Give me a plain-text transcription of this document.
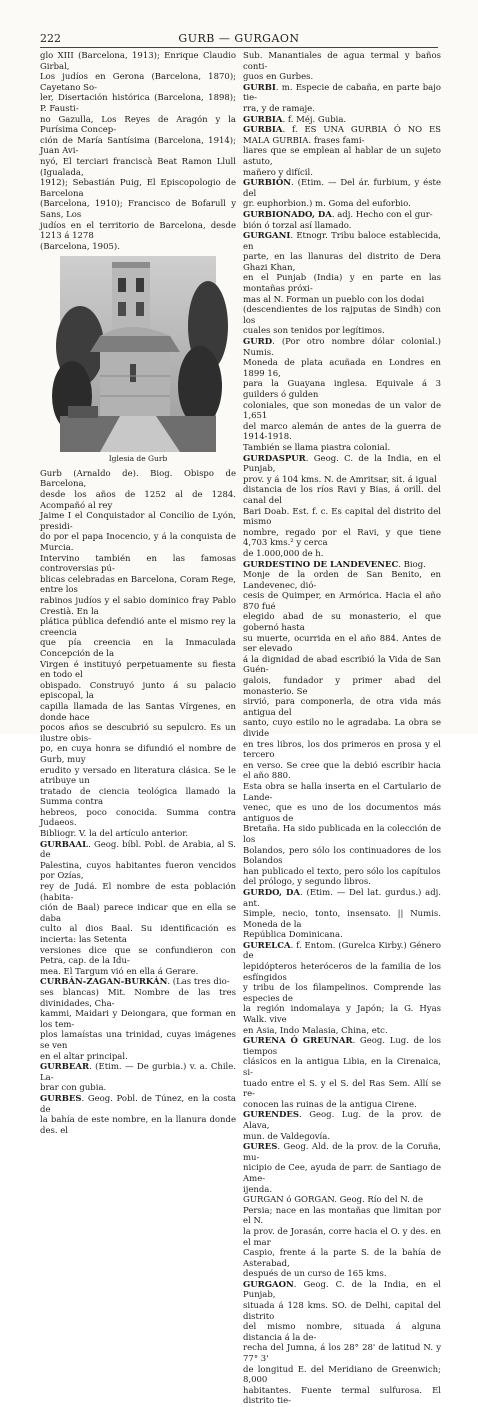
222	GURB — GURGAON
glo XIII (Barcelona, 1913); Enrique Claudio Girbal,
Los judíos en Gerona (Barcelona, 1870); Cayetano So-
ler, Disertación histórica (Barcelona, 1898); P. Fausti-
no Gazulla, Los Reyes de Aragón y la Purísima Concep-
ción de María Santísima (Barcelona, 1914); Juan Avi-
nyó, El terciari franciscà Beat Ramon Llull (Igualada,
1912); Sebastián Puig, El Episcopologio de Barcelona
(Barcelona, 1910); Francisco de Bofarull y Sans, Los
judíos en el territorio de Barcelona, desde 1213 á 1278
(Barcelona, 1905).
Iglesia de Gurb
Gurb (Arnaldo de). Biog. Obispo de Barcelona,
desde los años de 1252 al de 1284. Acompañó al rey
Jaime I el Conquistador al Concilio de Lyón, presidi-
do por el papa Inocencio, y á la conquista de Murcia.
Intervino también en las famosas controversias pú-
blicas celebradas en Barcelona, Coram Rege, entre los
rabinos judíos y el sabio dominico fray Pablo Crestià. En la
plática pública defendió ante el mismo rey la creencia
que pía creencia en la Inmaculada Concepción de la
Virgen é instituyó perpetuamente su fiesta en todo el
obispado. Construyó junto á su palacio episcopal, la
capilla llamada de las Santas Vírgenes, en donde hace
pocos años se descubrió su sepulcro. Es un ilustre obis-
po, en cuya honra se difundió el nombre de Gurb, muy
erudito y versado en literatura clásica. Se le atribuye un
tratado de ciencia teológica llamado la Summa contra
hebreos, poco conocida. Summa contra Judaeos.
Bibliogr. V. la del artículo anterior.
GURBAAL. Geog. bíbl. Pobl. de Arabia, al S. de
Palestina, cuyos habitantes fueron vencidos por Ozías,
rey de Judá. El nombre de esta población (habita-
ción de Baal) parece indicar que en ella se daba
culto al dios Baal. Su identificación es incierta: las Setenta
versiones dice que se confundieron con Petra, cap. de la Idu-
mea. El Targum vió en ella á Gerare.
CURBÁN-ZAGAN-BURKÁN. (Las tres dio-
ses blancas) Mit. Nombre de las tres divinidades, Cha-
kammi, Maidari y Deiongara, que forman en los tem-
plos lamaístas una trinidad, cuyas imágenes se ven
en el altar principal.
GURBEAR. (Etim. — De gurbia.) v. a. Chile. La-
brar con gubia.
GURBES. Geog. Pobl. de Túnez, en la costa de
la bahía de este nombre, en la llanura donde des. el
Sub. Manantiales de agua termal y baños conti-
guos en Gurbes.
GURBI. m. Especie de cabaña, en parte bajo tie-
rra, y de ramaje.
GURBIA. f. Méj. Gubia.
GURBIA. f. ES UNA GURBIA Ó NO ES MALA GURBIA. frases fami-
liares que se emplean al hablar de un sujeto astuto,
mañero y difícil.
GURBIÓN. (Etim. — Del ár. furbium, y éste del
gr. euphorbion.) m. Goma del euforbio.
GURBIONADO, DA. adj. Hecho con el gur-
bión ó torzal así llamado.
GURGANI. Etnogr. Tribu baloce establecida, en
parte, en las llanuras del distrito de Dera Ghazi Khan,
en el Punjab (India) y en parte en las montañas próxi-
mas al N. Forman un pueblo con los dodai
(descendientes de los rajputas de Sindh) con los
cuales son tenidos por legítimos.
GURD. (Por otro nombre dólar colonial.) Numis.
Moneda de plata acuñada en Londres en 1899 16,
para la Guayana inglesa. Equivale á 3 guilders ó gulden
coloniales, que son monedas de un valor de 1,651
del marco alemán de antes de la guerra de 1914-1918.
También se llama piastra colonial.
GURDASPUR. Geog. C. de la India, en el Punjab,
prov. y á 104 kms. N. de Amritsar, sit. á igual
distancia de los ríos Ravi y Bias, á orill. del canal del
Bari Doab. Est. f. c. Es capital del distrito del mismo
nombre, regado por el Ravi, y que tiene 4,703 kms.² y cerca
de 1.000,000 de h.
GURDESTINO DE LANDEVENEC. Biog.
Monje de la orden de San Benito, en Landevenec, dió-
cesis de Quimper, en Armórica. Hacia el año 870 fué
elegido abad de su monasterio, el que gobernó hasta
su muerte, ocurrida en el año 884. Antes de ser elevado
á la dignidad de abad escribió la Vida de San Guén-
galois, fundador y primer abad del monasterio. Se
sirvió, para componerla, de otra vida más antigua del
santo, cuyo estilo no le agradaba. La obra se divide
en tres libros, los dos primeros en prosa y el tercero
en verso. Se cree que la debió escribir hacia el año 880.
Esta obra se halla inserta en el Cartulario de Lande-
venec, que es uno de los documentos más antiguos de
Bretaña. Ha sido publicada en la colección de los
Bolandos, pero sólo los continuadores de los Bolandos
han publicado el texto, pero sólo los capítulos
del prólogo, y segundo libros.
GURDO, DA. (Etim. — Del lat. gurdus.) adj. ant.
Simple, necio, tonto, insensato. || Numis. Moneda de la
República Dominicana.
GURELCA. f. Entom. (Gurelca Kirby.) Género de
lepidópteros heteróceros de la familia de los esfíngidos
y tribu de los filampelinos. Comprende las especies de
la región indomalaya y Japón; la G. Hyas Walk. vive
en Asia, Indo Malasia, China, etc.
GURENA Ó GREUNAR. Geog. Lug. de los tiempos
clásicos en la antigua Libia, en la Cirenaica, si-
tuado entre el S. y el S. del Ras Sem. Allí se re-
conocen las ruinas de la antigua Cirene.
GURENDES. Geog. Lug. de la prov. de Alava,
mun. de Valdegovía.
GURES. Geog. Ald. de la prov. de la Coruña, mu-
nicipio de Cee, ayuda de parr. de Santiago de Ame-
ijenda.
GURGAN ó GORGAN. Geog. Río del N. de
Persia; nace en las montañas que limitan por el N.
la prov. de Jorasán, corre hacia el O. y des. en el mar
Caspio, frente á la parte S. de la bahía de Asterabad,
después de un curso de 165 kms.
GURGAON. Geog. C. de la India, en el Punjab,
situada á 128 kms. SO. de Delhi, capital del distrito
del mismo nombre, situada á alguna distancia á la de-
recha del Jumna, á los 28° 28' de latitud N. y 77° 3'
de longitud E. del Meridiano de Greenwich; 8,000
habitantes. Fuente termal sulfurosa. El distrito tie-
